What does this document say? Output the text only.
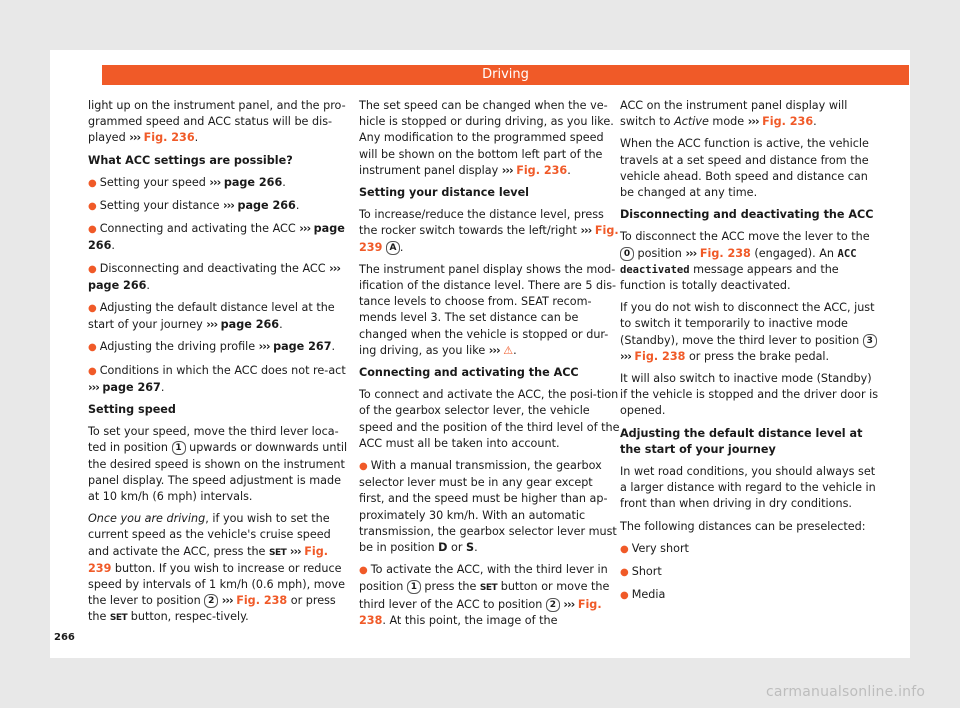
Driving

light up on the instrument panel, and the pro-grammed speed and ACC status will be dis-played ››› Fig. 236.

What ACC settings are possible?

● Setting your speed ››› page 266.

● Setting your distance ››› page 266.

● Connecting and activating the ACC ››› page 266.

● Disconnecting and deactivating the ACC ››› page 266.

● Adjusting the default distance level at the start of your journey ››› page 266.

● Adjusting the driving profile ››› page 267.

● Conditions in which the ACC does not re-act ››› page 267.

Setting speed

To set your speed, move the third lever loca-ted in position 1 upwards or downwards until the desired speed is shown on the instrument panel display. The speed adjustment is made at 10 km/h (6 mph) intervals.

Once you are driving, if you wish to set the current speed as the vehicle's cruise speed and activate the ACC, press the SET ››› Fig. 239 button. If you wish to increase or reduce speed by intervals of 1 km/h (0.6 mph), move the lever to position 2 ››› Fig. 238 or press the SET button, respec-tively.

The set speed can be changed when the ve-hicle is stopped or during driving, as you like. Any modification to the programmed speed will be shown on the bottom left part of the instrument panel display ››› Fig. 236.

Setting your distance level

To increase/reduce the distance level, press the rocker switch towards the left/right ››› Fig. 239 A .

The instrument panel display shows the mod-ification of the distance level. There are 5 dis-tance levels to choose from. SEAT recom-mends level 3. The set distance can be changed when the vehicle is stopped or dur-ing driving, as you like ››› ⚠.

Connecting and activating the ACC

To connect and activate the ACC, the posi-tion of the gearbox selector lever, the vehicle speed and the position of the third level of the ACC must all be taken into account.

● With a manual transmission, the gearbox selector lever must be in any gear except first, and the speed must be higher than ap-proximately 30 km/h. With an automatic transmission, the gearbox selector lever must be in position D or S.

● To activate the ACC, with the third lever in position 1 press the SET button or move the third lever of the ACC to position 2 ››› Fig. 238. At this point, the image of the

ACC on the instrument panel display will switch to Active mode ››› Fig. 236.

When the ACC function is active, the vehicle travels at a set speed and distance from the vehicle ahead. Both speed and distance can be changed at any time.

Disconnecting and deactivating the ACC

To disconnect the ACC move the lever to the 0 position ››› Fig. 238 (engaged). An ACC deactivated message appears and the function is totally deactivated.

If you do not wish to disconnect the ACC, just to switch it temporarily to inactive mode (Standby), move the third lever to position 3 ››› Fig. 238 or press the brake pedal.

It will also switch to inactive mode (Standby) if the vehicle is stopped and the driver door is opened.

Adjusting the default distance level at the start of your journey

In wet road conditions, you should always set a larger distance with regard to the vehicle in front than when driving in dry conditions.

The following distances can be preselected:

● Very short

● Short

● Media

266
carmanualsonline.info
